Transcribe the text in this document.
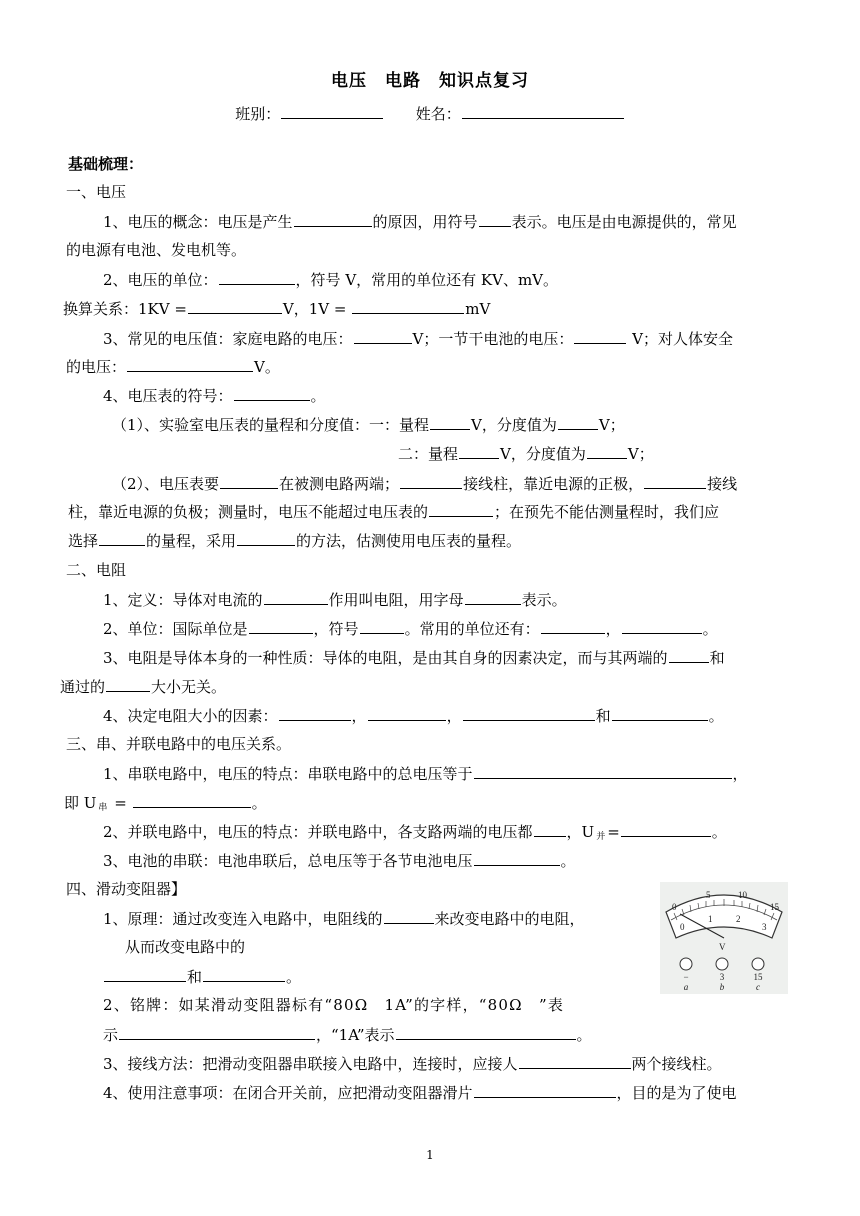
电压　电路　知识点复习
班别：	姓名：
基础梳理：
一、电压
1、电压的概念：电压是产生	的原因，用符号 表示。电压是由电源提供的，常见
的电源有电池、发电机等。
2、电压的单位：	，符号 V，常用的单位还有 KV、mV。
换算关系：1KV =	V，1V =	mV
3、常见的电压值：家庭电路的电压：	V；一节干电池的电压：	V；对人体安全
的电压：	V。
4、电压表的符号：	。
（1）、实验室电压表的量程和分度值：一：量程	V，分度值为	V；
二：量程	V，分度值为	V；
（2）、电压表要	在被测电路两端；	接线柱，靠近电源的正极，	接线
柱，靠近电源的负极；测量时，电压不能超过电压表的	；在预先不能估测量程时，我们应
选择	的量程，采用	的方法，估测使用电压表的量程。
二、电阻
1、定义：导体对电流的	作用叫电阻，用字母	表示。
2、单位：国际单位是	，符号	。常用的单位还有：	，	。
3、电阻是导体本身的一种性质：导体的电阻，是由其自身的因素决定，而与其两端的	和
通过的	大小无关。
4、决定电阻大小的因素：	，	，	和	。
三、串、并联电路中的电压关系。
1、串联电路中，电压的特点：串联电路中的总电压等于	，
即 U $_串$ =	。
2、并联电路中，电压的特点：并联电路中，各支路两端的电压都 ，U $_并$ =	。
3、电池的串联：电池串联后，总电压等于各节电池电压	。
四、滑动变阻器】
1、原理：通过改变连入电路中，电阻线的	来改变电路中的电阻，
从而改变电路中的
和	。
2、铭牌：如某滑动变阻器标有“80Ω　1A”的字样，“80Ω　”表
示	，“1A”表示	。
3、接线方法：把滑动变阻器串联接入电路中，连接时，应接人	两个接线柱。
4、使用注意事项：在闭合开关前，应把滑动变阻器滑片	，目的是为了使电
0
5	10
15
0
1	2
3
V
−	3	15
a	b	c
1
